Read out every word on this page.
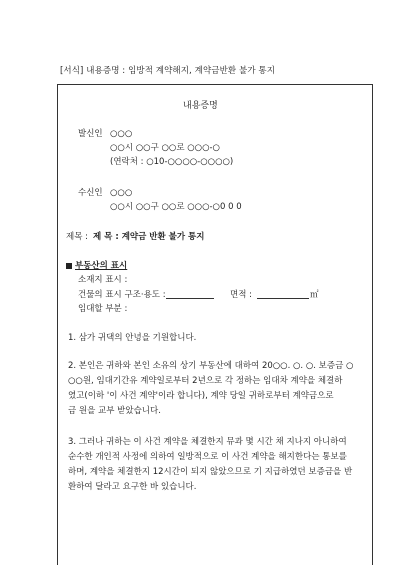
[서식] 내용증명 : 임방적 계약해지, 계약금반환 불가 통지
내용증명
발신인 ○○○
○○시 ○○구 ○○로 ○○○-○
(연락처 : ○10-○○○○-○○○○)
수신인 ○○○
○○시 ○○구 ○○로 ○○○-○0 0 0
제목 : 제 목 : 계약금 반환 불가 통지
부동산의 표시
소재지 표시 :
건물의 표시 구조·용도 :	면적 :	㎡
임대할 부분 :
1. 삼가 귀댁의 안녕을 기원합니다.
2. 본인은 귀하와 본인 소유의 상기 부동산에 대하여 20○○. ○. ○. 보증금 ○
○○원, 임대기간유 계약일로부터 2년으로 각 정하는 임대차 계약을 체결하
였고(이하 '이 사건 계약'이라 합니다), 계약 당일 귀하로부터 계약금으로
금 원을 교부 받았습니다.
3. 그러나 귀하는 이 사건 계약을 체결한지 뮤과 몇 시간 채 지나지 아니하여
순수한 개인적 사정에 의하여 일방적으로 이 사건 계약을 해지한다는 통보를
하며, 계약을 체결한지 12시간이 되지 않았으므로 기 지급하였던 보증금을 반
환하여 달라고 요구한 바 있습니다.
